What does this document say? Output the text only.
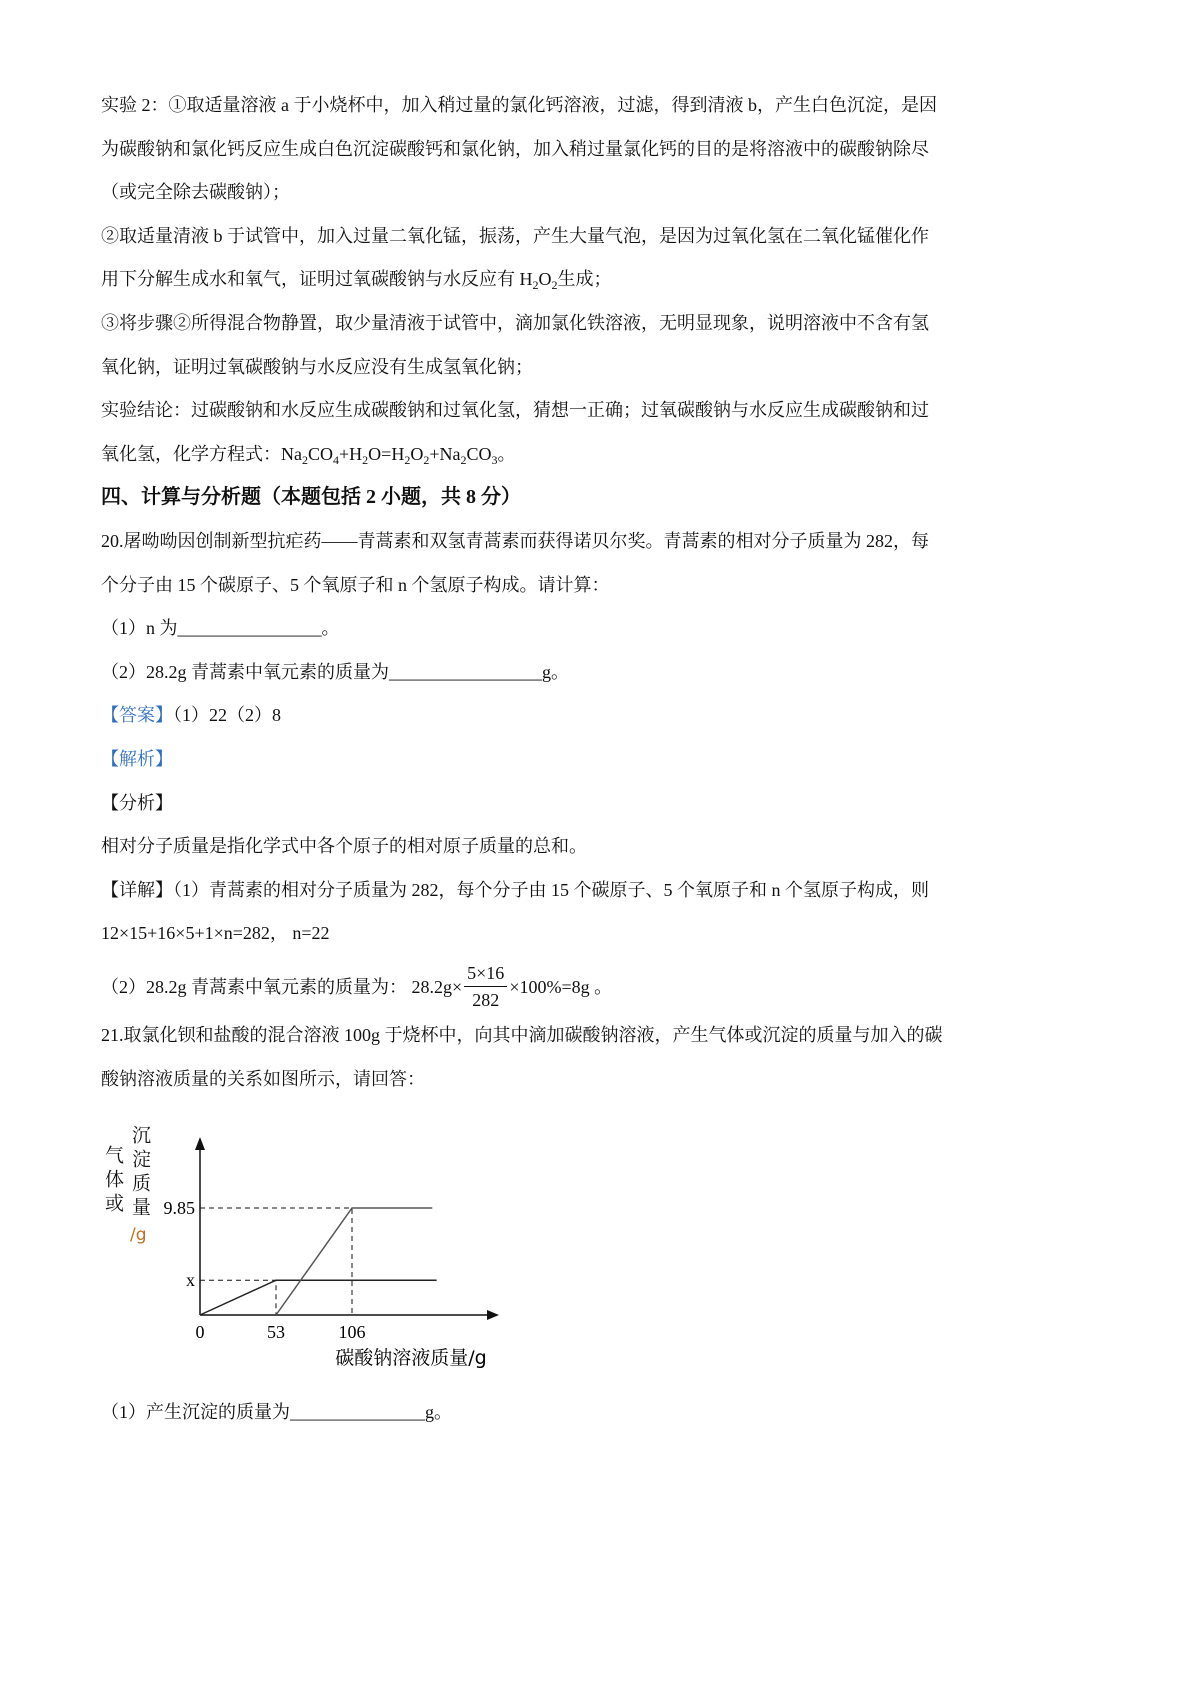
实验 2：①取适量溶液 a 于小烧杯中，加入稍过量的氯化钙溶液，过滤，得到清液 b，产生白色沉淀，是因
为碳酸钠和氯化钙反应生成白色沉淀碳酸钙和氯化钠，加入稍过量氯化钙的目的是将溶液中的碳酸钠除尽
（或完全除去碳酸钠）；
②取适量清液 b 于试管中，加入过量二氧化锰，振荡，产生大量气泡，是因为过氧化氢在二氧化锰催化作
用下分解生成水和氧气，证明过氧碳酸钠与水反应有 $H_2O_2$生成；
③将步骤②所得混合物静置，取少量清液于试管中，滴加氯化铁溶液，无明显现象，说明溶液中不含有氢
氧化钠，证明过氧碳酸钠与水反应没有生成氢氧化钠；
实验结论：过碳酸钠和水反应生成碳酸钠和过氧化氢，猜想一正确；过氧碳酸钠与水反应生成碳酸钠和过
氧化氢，化学方程式：$Na_2CO_4+H_2O=H_2O_2+Na_2CO_3$。
四、计算与分析题（本题包括 2 小题，共 8 分）
20.屠呦呦因创制新型抗疟药——青蒿素和双氢青蒿素而获得诺贝尔奖。青蒿素的相对分子质量为 282，每
个分子由 15 个碳原子、5 个氧原子和 n 个氢原子构成。请计算：
（1）n 为________________。
（2）28.2g 青蒿素中氧元素的质量为_________________g。
【答案】（1）22（2）8
【解析】
【分析】
相对分子质量是指化学式中各个原子的相对原子质量的总和。
【详解】（1）青蒿素的相对分子质量为 282，每个分子由 15 个碳原子、5 个氧原子和 n 个氢原子构成，则
12×15+16×5+1×n=282， n=22
（2）28.2g 青蒿素中氧元素的质量为： $28.2g\times \frac{5\times 16}{282} \times 100\%=8g$ 。
21.取氯化钡和盐酸的混合溶液 100g 于烧杯中，向其中滴加碳酸钠溶液，产生气体或沉淀的质量与加入的碳
酸钠溶液质量的关系如图所示，请回答：
气体或 沉淀质量
/g
0	53	106
9.85
x
碳酸钠溶液质量/g
（1）产生沉淀的质量为_______________g。
